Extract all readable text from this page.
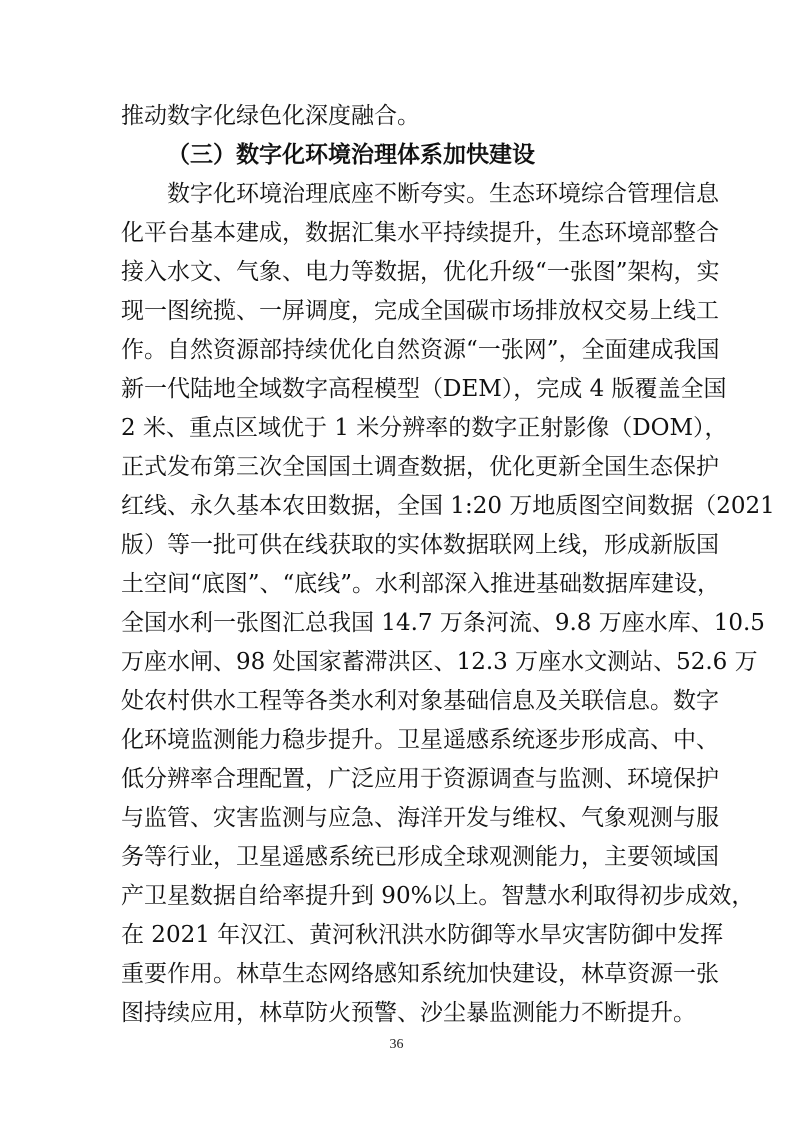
推动数字化绿色化深度融合。
（三）数字化环境治理体系加快建设
数字化环境治理底座不断夸实。生态环境综合管理信息
化平台基本建成，数据汇集水平持续提升，生态环境部整合
接入水文、气象、电力等数据，优化升级“一张图”架构，实
现一图统揽、一屏调度，完成全国碳市场排放权交易上线工
作。自然资源部持续优化自然资源“一张网”，全面建成我国
新一代陆地全域数字高程模型（DEM），完成 4 版覆盖全国
2 米、重点区域优于 1 米分辨率的数字正射影像（DOM），
正式发布第三次全国国土调查数据，优化更新全国生态保护
红线、永久基本农田数据，全国 1:20 万地质图空间数据（2021
版）等一批可供在线获取的实体数据联网上线，形成新版国
土空间“底图”、“底线”。水利部深入推进基础数据库建设，
全国水利一张图汇总我国 14.7 万条河流、9.8 万座水库、10.5
万座水闸、98 处国家蓄滞洪区、12.3 万座水文测站、52.6 万
处农村供水工程等各类水利对象基础信息及关联信息。数字
化环境监测能力稳步提升。卫星遥感系统逐步形成高、中、
低分辨率合理配置，广泛应用于资源调查与监测、环境保护
与监管、灾害监测与应急、海洋开发与维权、气象观测与服
务等行业，卫星遥感系统已形成全球观测能力，主要领域国
产卫星数据自给率提升到 90%以上。智慧水利取得初步成效，
在 2021 年汉江、黄河秋汛洪水防御等水旱灾害防御中发挥
重要作用。林草生态网络感知系统加快建设，林草资源一张
图持续应用，林草防火预警、沙尘暴监测能力不断提升。
36
